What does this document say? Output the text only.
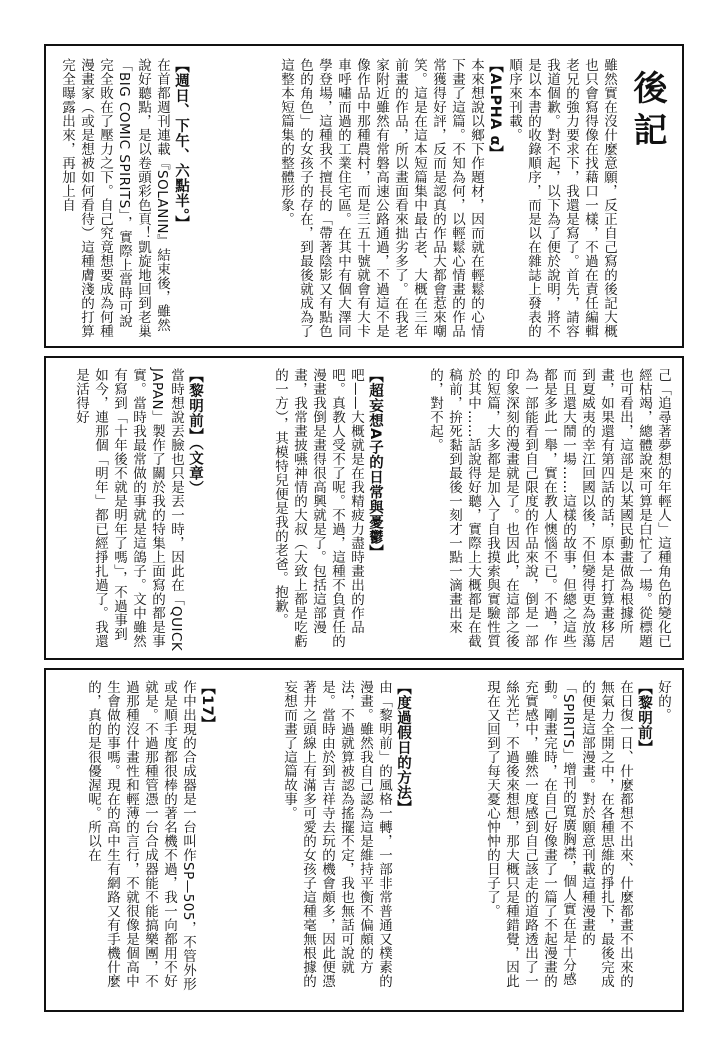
後記
雖然實在沒什麼意願，反正自己寫的後記大概也只會寫得像在找藉口一樣，不過在責任編輯老兄的強力要求下，我還是寫了。首先，請容我道個歉。對不起，以下為了便於說明，將不是以本書的收錄順序，而是以在雜誌上發表的順序來刊載。
【ALPHA α】
本來想說以鄉下作題材，因而就在輕鬆的心情下畫了這篇。不知為何，以輕鬆心情畫的作品常獲得好評，反而是認真的作品大都會惹來嘲笑。這是在這本短篇集中最古老、大概在三年前畫的作品，所以畫面看來拙劣多了。在我老家附近雖然有常磐高速公路通過，不過這不是像作品中那種農村，而是三五十號就會有大卡車呼嘯而過的工業住宅區。在其中有個大澤同學登場，這種我不擅長的「帶著陰影又有點色色的角色」的女孩子的存在，到最後就成為了這整本短篇集的整體形象。
【週日、下午、六點半。】
在首都週刊連載『SOLANIN』結束後，雖然說好聽點，是以卷頭彩色頁！凱旋地回到老巢「BIG COMIC SPIRITS」，實際上當時可說完全敗在了壓力之下。自己究竟想要成為何種漫畫家（或是想被如何看待）這種膚淺的打算完全曝露出來，再加上自
己「追尋著夢想的年輕人」這種角色的變化已經枯竭，總體說來可算是白忙了一場。從標題也可看出，這部是以某國民動畫做為根據所畫，如果還有第四話的話，原本是打算畫移居到夏威夷的幸江回國以後，不但變得更為放蕩而且還大鬧一場……這樣的故事，但總之這些都是多此一舉，實在教人懊惱不已。不過，作為一部能看到自己限度的作品來說，倒是一部印象深刻的漫畫就是了。也因此，在這部之後的短篇，大多都是加入了自我摸索與實驗性質於其中……話說得好聽，實際上大概都是在截稿前，拚死黏到最後一刻才一點一滴畫出來的，對不起。
【超妄想A子的日常與憂鬱】
吧——大概就是在我精疲力盡時畫出的作品吧。真教人受不了呢。不過，這種不負責任的漫畫我倒是畫得很高興就是了。包括這部漫畫，我常畫披嚥神情的大叔（大致上都是吃虧的一方），其模特兒便是我的老爸。抱歉。
【黎明前】（文章）
當時想說丟臉也只是丟一時，因此在「QUICK JAPAN」製作了關於我的特集上面寫的都是事實。當時我最常做的事就是這鴿子。文中雖然有寫到「十年後不就是明年了嗎」，不過事到如今，連那個「明年」都已經掙扎過了。我還是活得好
好的。
【黎明前】
在日復一日、什麼都想不出來、什麼都畫不出來的無氣力全開之中，在各種思維的掙扎下，最後完成的便是這部漫畫。對於願意刊載這種漫畫的「SPIRITS」增刊的寬廣胸襟，個人實在是十分感動。剛畫完時，在自己好像畫了一篇了不起漫畫的充實感中，雖然一度感到自己該走的道路透出了一絲光芒，不過後來想想，那大概只是種錯覺，因此現在又回到了每天憂心忡忡的日子了。
【度過假日的方法】
由「黎明前」的風格一轉，一部非常普通又樸素的漫畫。雖然我自己認為這是維持平衡不偏頗的方法，不過就算被認為搖擺不定，我也無話可說就是。當時由於到吉祥寺去玩的機會頗多，因此便憑著井之頭線上有滿多可愛的女孩子這種毫無根據的妄想而畫了這篇故事。
【17】
作中出現的合成器是一台叫作SP—505，不管外形或是順手度都很棒的著名機不過，我一向都用不好就是。不過那種管憑一台合成器能不能搞樂團，不過那種沒什畫性和輕薄的言行，不就很像是個高中生會做的事嗎。現在的高中生有網路又有手機什麼的，真的是很優渥呢。所以在
